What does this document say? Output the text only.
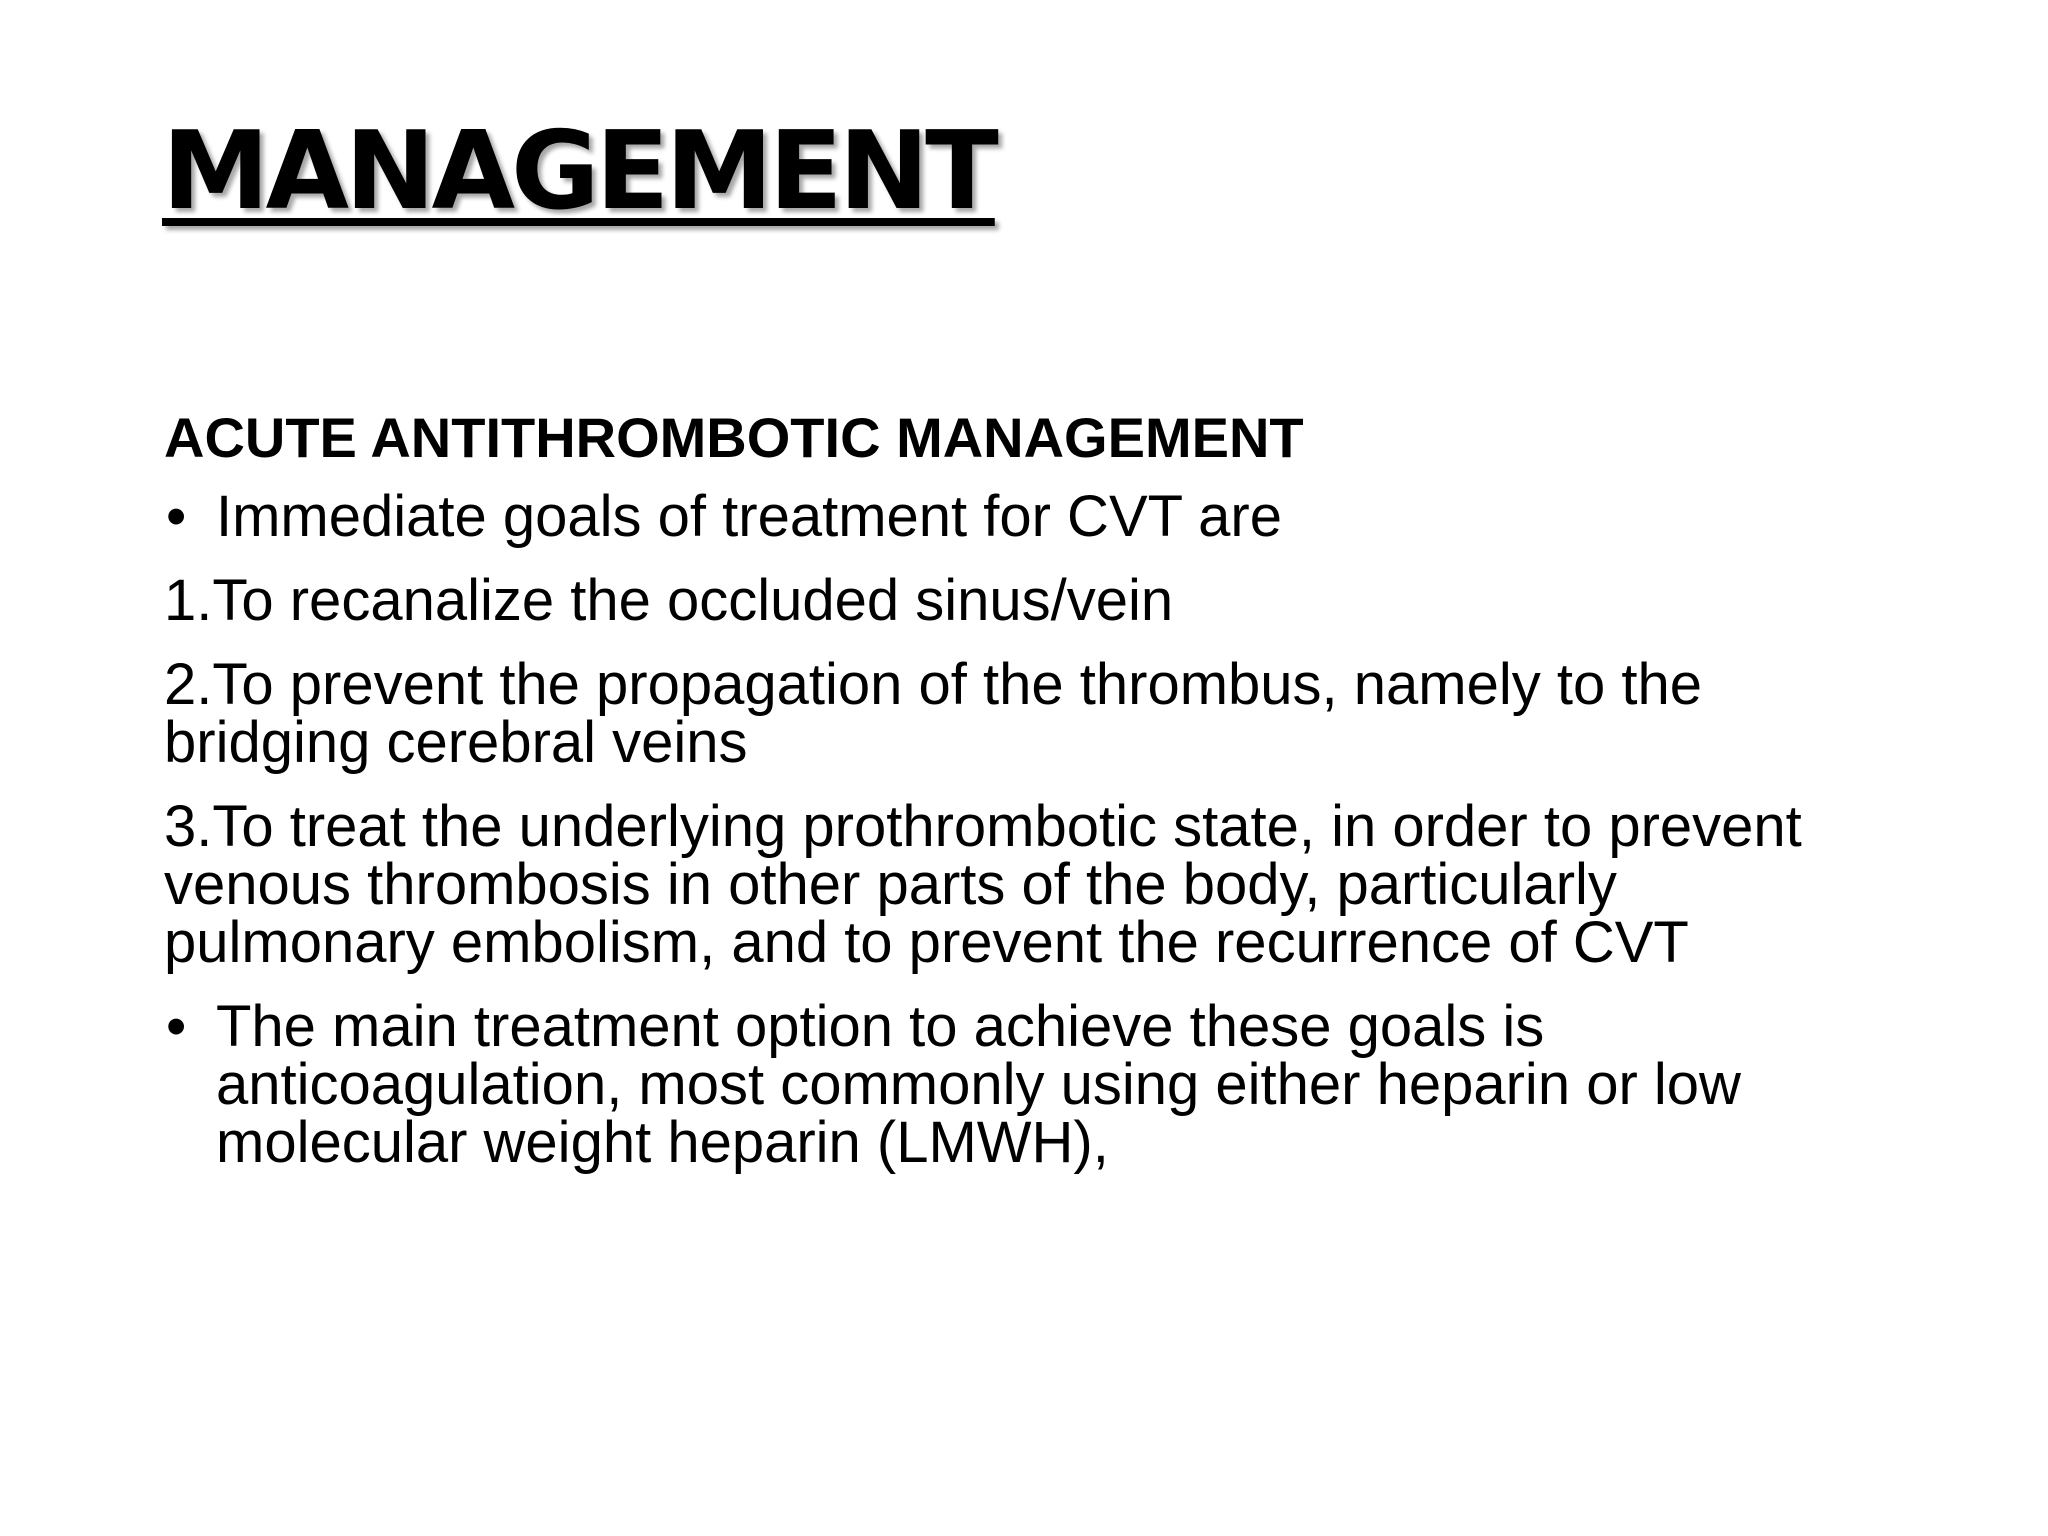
MANAGEMENT
ACUTE ANTITHROMBOTIC MANAGEMENT
• Immediate goals of treatment for CVT are
1.To recanalize the occluded sinus/vein
2.To prevent the propagation of the thrombus, namely to the bridging cerebral veins
3.To treat the underlying prothrombotic state, in order to prevent venous thrombosis in other parts of the body, particularly pulmonary embolism, and to prevent the recurrence of CVT
• The main treatment option to achieve these goals is anticoagulation, most commonly using either heparin or low molecular weight heparin (LMWH),
